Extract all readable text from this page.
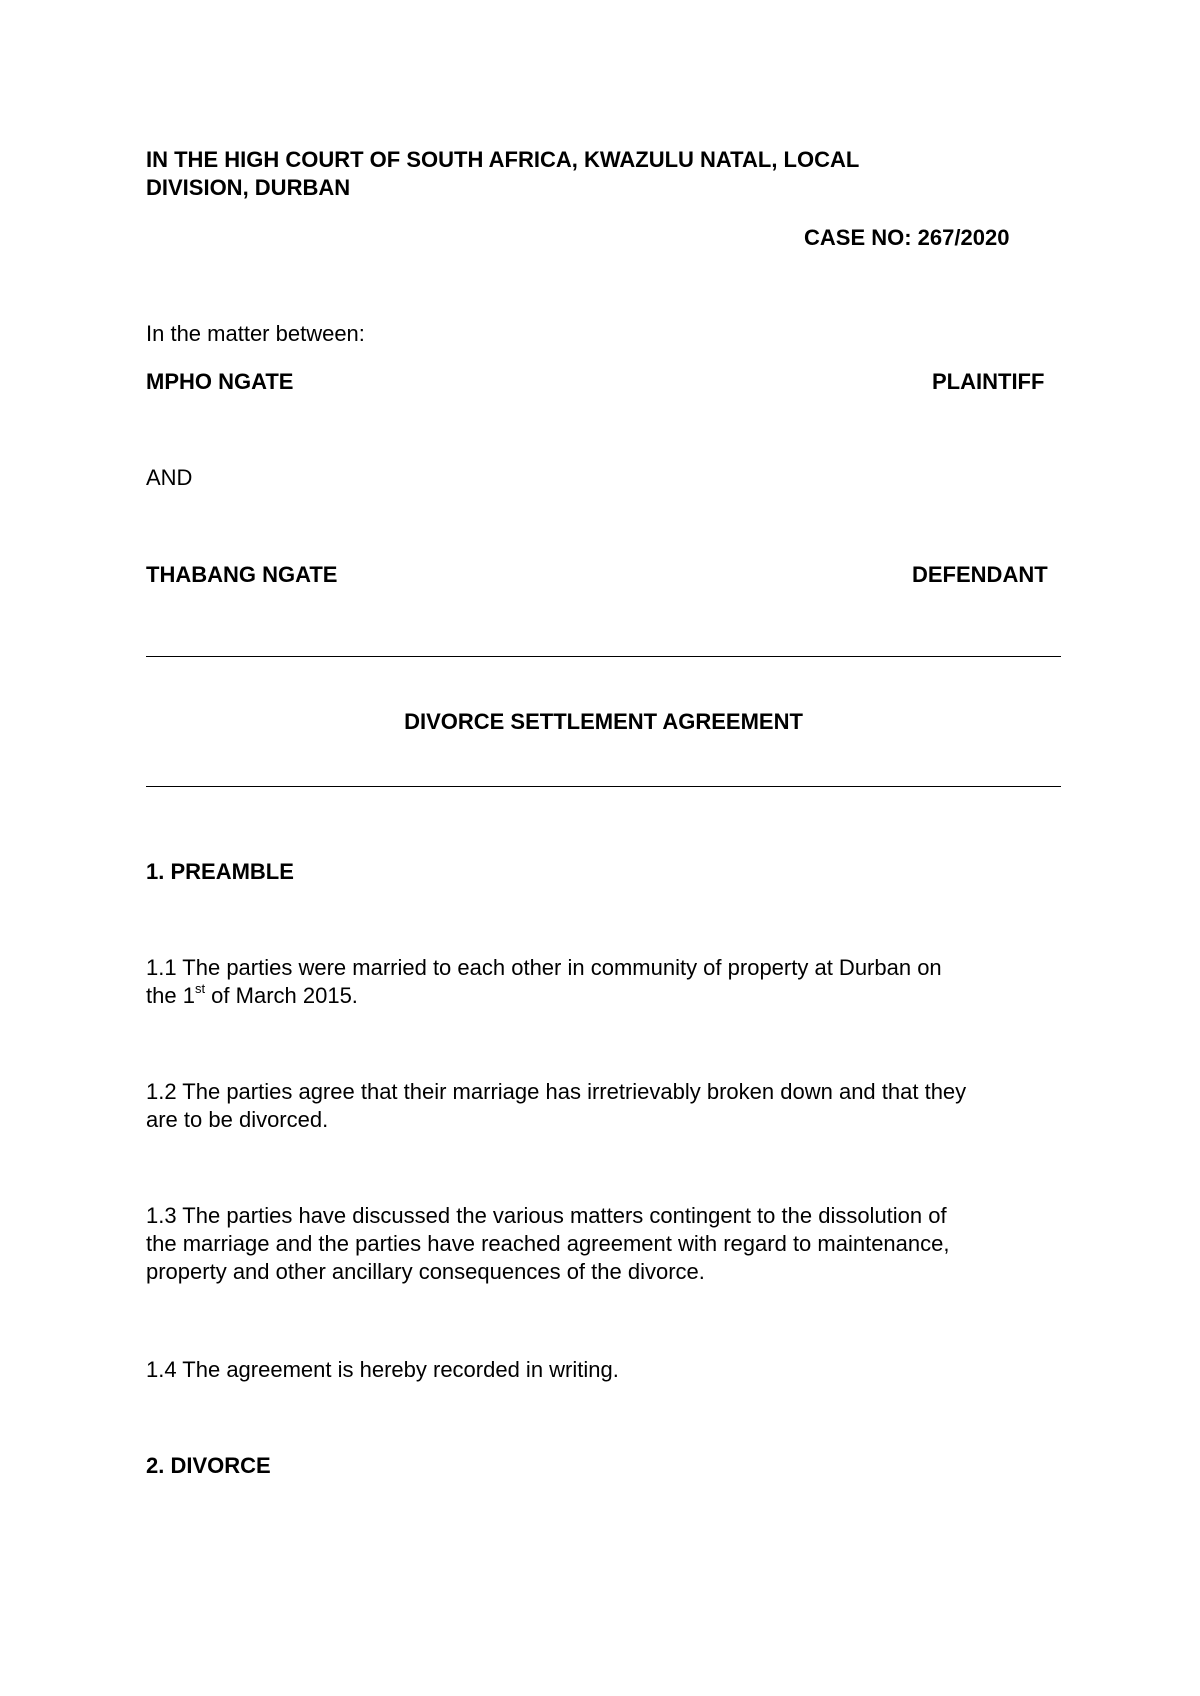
IN THE HIGH COURT OF SOUTH AFRICA, KWAZULU NATAL, LOCAL
DIVISION, DURBAN

CASE NO: 267/2020

In the matter between:

MPHO NGATE	PLAINTIFF

AND

THABANG NGATE	DEFENDANT

DIVORCE SETTLEMENT AGREEMENT

1. PREAMBLE

1.1 The parties were married to each other in community of property at Durban on
the 1st of March 2015.
1.2 The parties agree that their marriage has irretrievably broken down and that they
are to be divorced.
1.3 The parties have discussed the various matters contingent to the dissolution of
the marriage and the parties have reached agreement with regard to maintenance,
property and other ancillary consequences of the divorce.

1.4 The agreement is hereby recorded in writing.

2. DIVORCE
